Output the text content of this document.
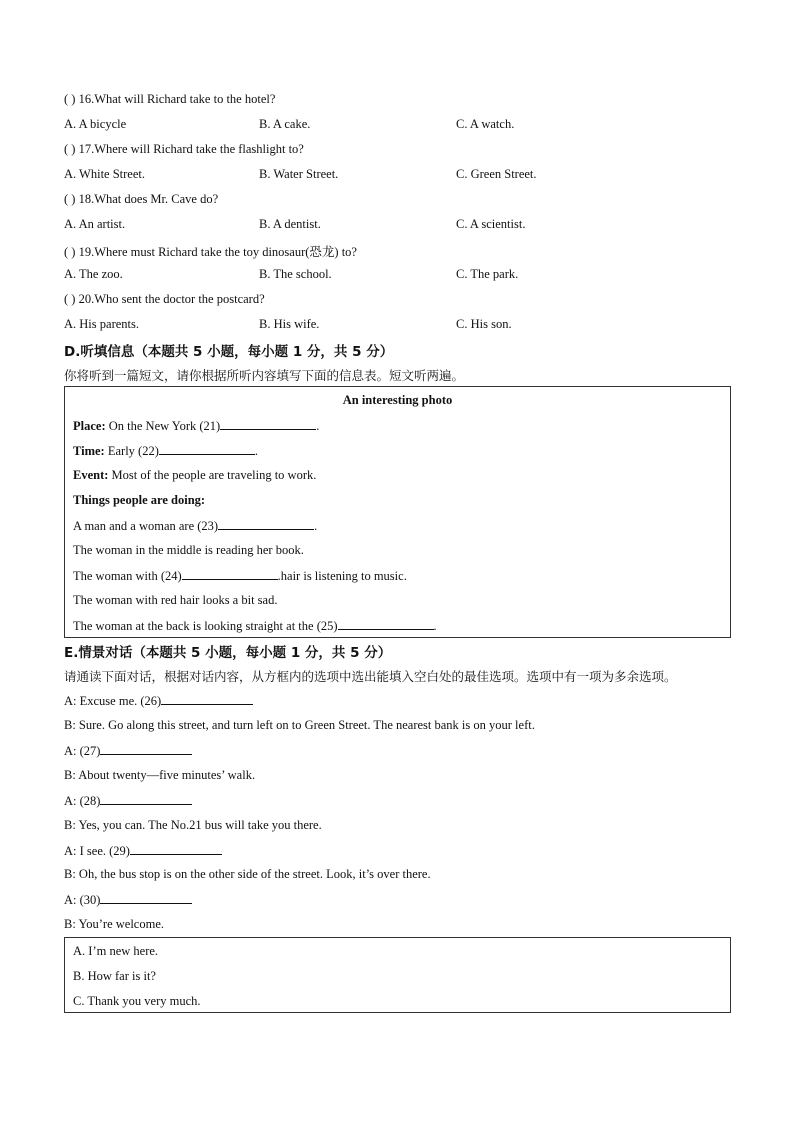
( ) 16.What will Richard take to the hotel?
A. A bicycle	B. A cake.	C. A watch.
( ) 17.Where will Richard take the flashlight to?
A. White Street.	B. Water Street.	C. Green Street.
( ) 18.What does Mr. Cave do?
A. An artist.	B. A dentist.	C. A scientist.
( ) 19.Where must Richard take the toy dinosaur(恐龙) to?
A. The zoo.	B. The school.	C. The park.
( ) 20.Who sent the doctor the postcard?
A. His parents.	B. His wife.	C. His son.
D.听填信息（本题共 5 小题，每小题 1 分，共 5 分）
你将听到一篇短文，请你根据所听内容填写下面的信息表。短文听两遍。
An interesting photo
Place: On the New York (21)	.
Time: Early (22)	.
Event: Most of the people are traveling to work.
Things people are doing:
A man and a woman are (23)	.
The woman in the middle is reading her book.
The woman with (24)	.hair is listening to music.
The woman with red hair looks a bit sad.
The woman at the back is looking straight at the (25)	.
E.情景对话（本题共 5 小题，每小题 1 分，共 5 分）
请通读下面对话，根据对话内容，从方框内的选项中选出能填入空白处的最佳选项。选项中有一项为多余选项。
A: Excuse me. (26)
B: Sure. Go along this street, and turn left on to Green Street. The nearest bank is on your left.
A: (27)
B: About twenty—five minutes’ walk.
A: (28)
B: Yes, you can. The No.21 bus will take you there.
A: I see. (29)
B: Oh, the bus stop is on the other side of the street. Look, it’s over there.
A: (30)
B: You’re welcome.
A. I’m new here.
B. How far is it?
C. Thank you very much.
